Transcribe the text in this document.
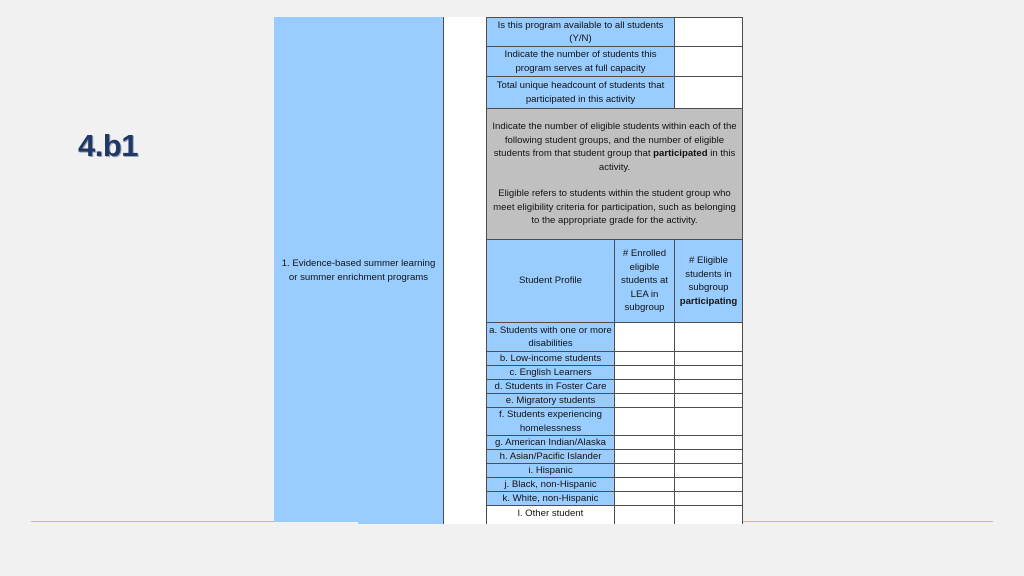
4.b1
1. Evidence-based summer learning or summer enrichment programs
Is this program available to all students (Y/N)
Indicate the number of students this program serves at full capacity
Total unique headcount of students that participated in this activity

Indicate the number of eligible students within each of the following student groups, and the number of eligible students from that student group that participated in this activity.

Eligible refers to students within the student group who meet eligibility criteria for participation, such as belonging to the appropriate grade for the activity.

Student Profile
# Enrolled eligible students at LEA in subgroup
# Eligible students in subgroup participating
a. Students with one or more disabilities
b. Low-income students
c. English Learners
d. Students in Foster Care
e. Migratory students
f. Students experiencing homelessness
g. American Indian/Alaska
h. Asian/Pacific Islander
i. Hispanic
j. Black, non-Hispanic
k. White, non-Hispanic
l. Other student
